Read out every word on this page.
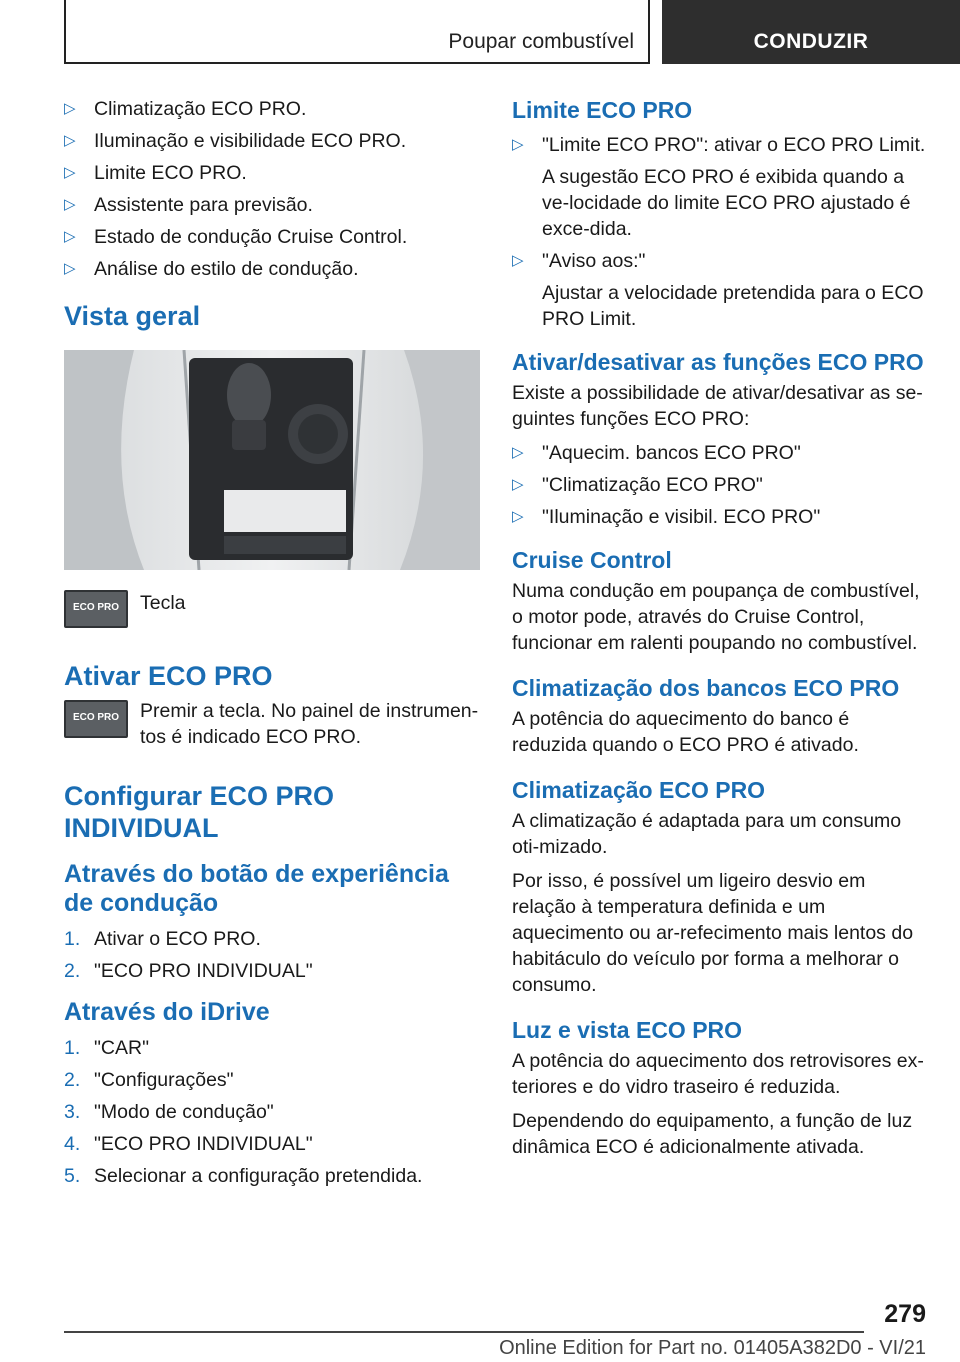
Poupar combustível	CONDUZIR
▷ Climatização ECO PRO.
▷ Iluminação e visibilidade ECO PRO.
▷ Limite ECO PRO.
▷ Assistente para previsão.
▷ Estado de condução Cruise Control.
▷ Análise do estilo de condução.
Vista geral
ECO PRO	Tecla

Ativar ECO PRO
ECO PRO	Premir a tecla. No painel de instrumen-tos é indicado ECO PRO.

Configurar ECO PRO INDIVIDUAL
Através do botão de experiência de condução
1. Ativar o ECO PRO.
2. "ECO PRO INDIVIDUAL"
Através do iDrive
1. "CAR"
2. "Configurações"
3. "Modo de condução"
4. "ECO PRO INDIVIDUAL"
5. Selecionar a configuração pretendida.
Limite ECO PRO
▷ "Limite ECO PRO": ativar o ECO PRO Limit.
A sugestão ECO PRO é exibida quando a ve-locidade do limite ECO PRO ajustado é exce-dida.
▷ "Aviso aos:"
Ajustar a velocidade pretendida para o ECO PRO Limit.
Ativar/desativar as funções ECO PRO

Existe a possibilidade de ativar/desativar as se-guintes funções ECO PRO:

▷ "Aquecim. bancos ECO PRO"
▷ "Climatização ECO PRO"
▷ "Iluminação e visibil. ECO PRO"
Cruise Control

Numa condução em poupança de combustível, o motor pode, através do Cruise Control, funcionar em ralenti poupando no combustível.

Climatização dos bancos ECO PRO

A potência do aquecimento do banco é reduzida quando o ECO PRO é ativado.

Climatização ECO PRO

A climatização é adaptada para um consumo oti-mizado.

Por isso, é possível um ligeiro desvio em relação à temperatura definida e um aquecimento ou ar-refecimento mais lentos do habitáculo do veículo por forma a melhorar o consumo.

Luz e vista ECO PRO

A potência do aquecimento dos retrovisores ex-teriores e do vidro traseiro é reduzida.

Dependendo do equipamento, a função de luz dinâmica ECO é adicionalmente ativada.

279
Online Edition for Part no. 01405A382D0 - VI/21
